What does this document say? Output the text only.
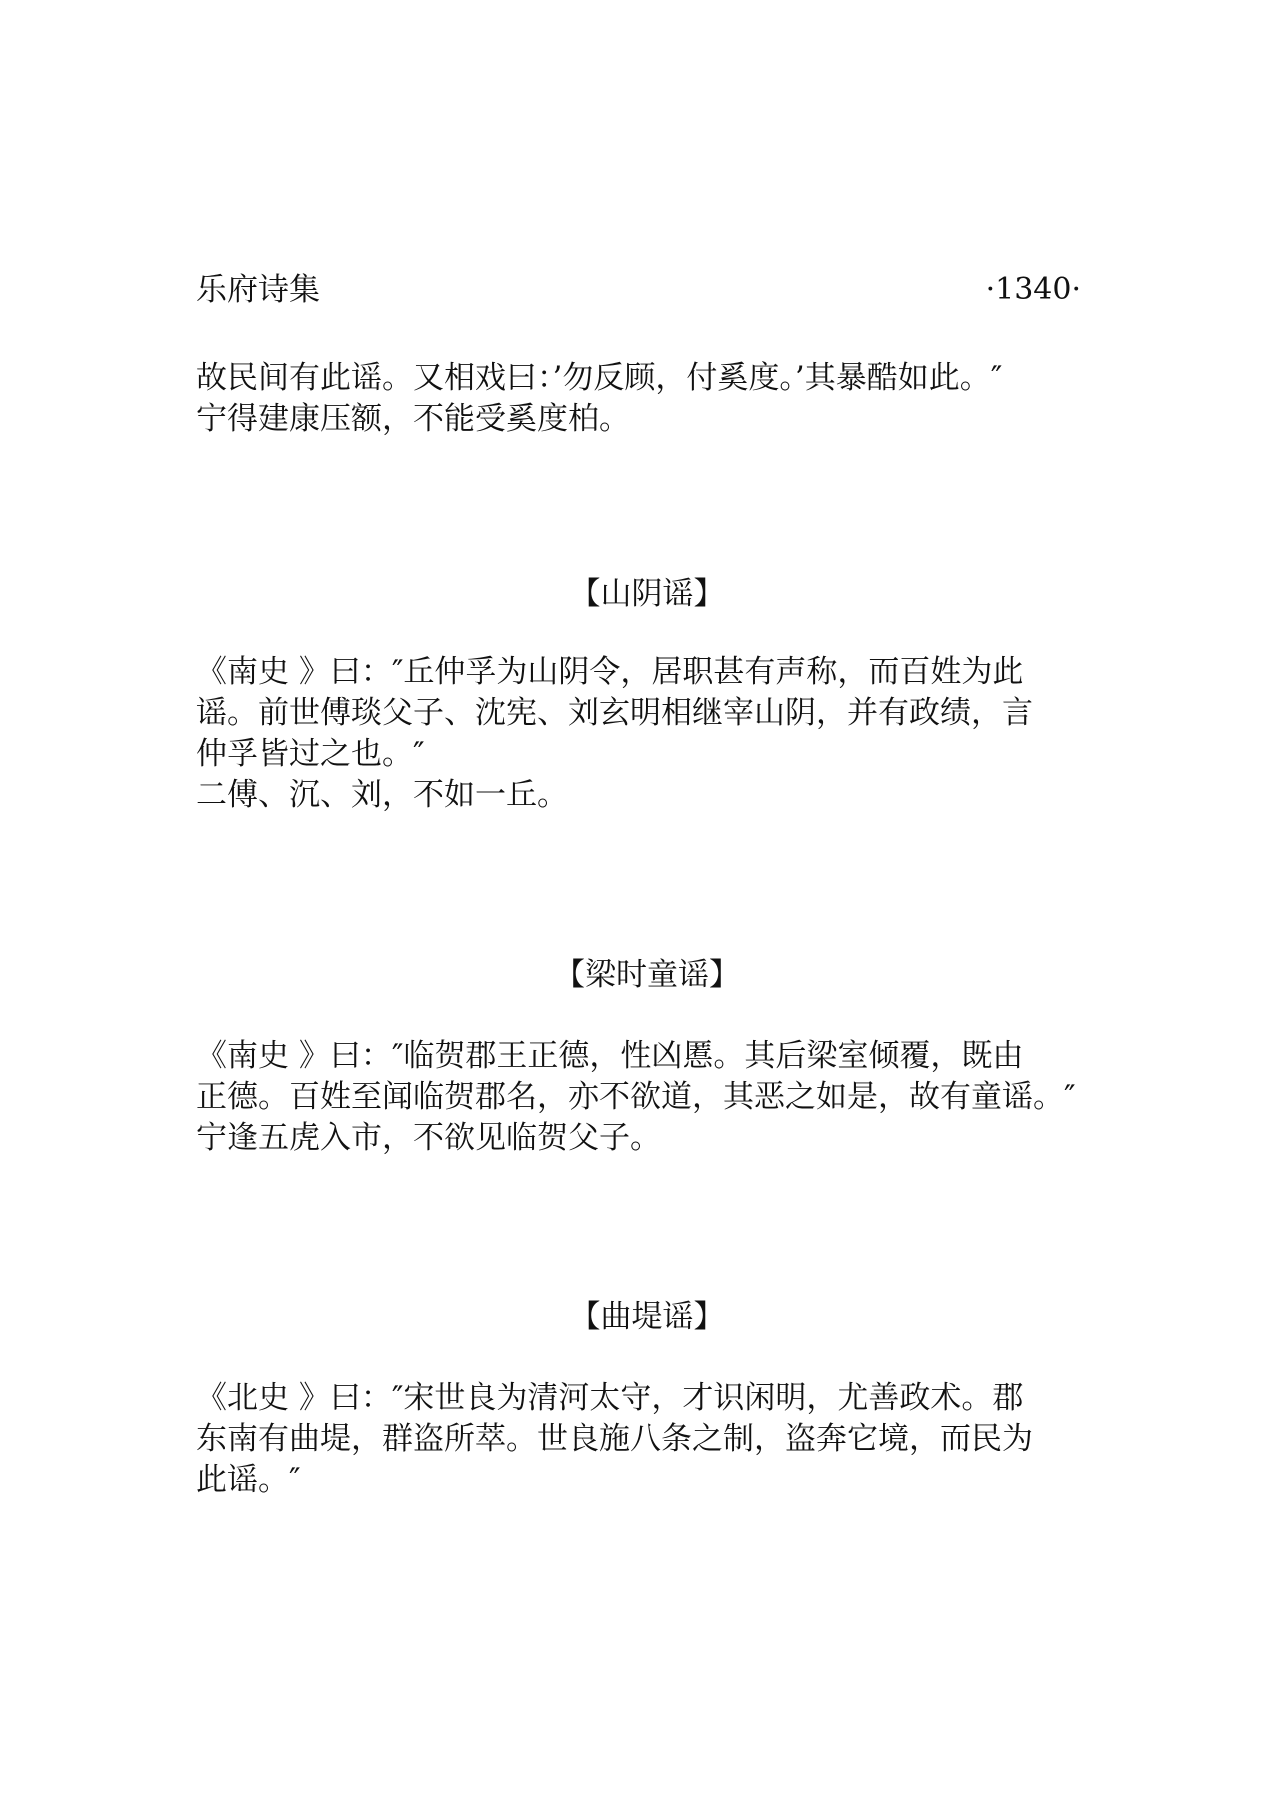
乐府诗集	·1340·

故民间有此谣。又相戏曰：’勿反顾，付奚度。’其暴酷如此。″

宁得建康压额，不能受奚度柏。

【山阴谣】

《南史 》曰：″丘仲孚为山阴令，居职甚有声称，而百姓为此

谣。前世傅琰父子、沈宪、刘玄明相继宰山阴，并有政绩，言

仲孚皆过之也。″

二傅、沉、刘，不如一丘。

【梁时童谣】

《南史 》曰：″临贺郡王正德，性凶慝。其后梁室倾覆，既由

正德。百姓至闻临贺郡名，亦不欲道，其恶之如是，故有童谣。″

宁逢五虎入市，不欲见临贺父子。

【曲堤谣】

《北史 》曰：″宋世良为清河太守，才识闲明，尤善政术。郡

东南有曲堤，群盗所萃。世良施八条之制，盗奔它境，而民为

此谣。″
